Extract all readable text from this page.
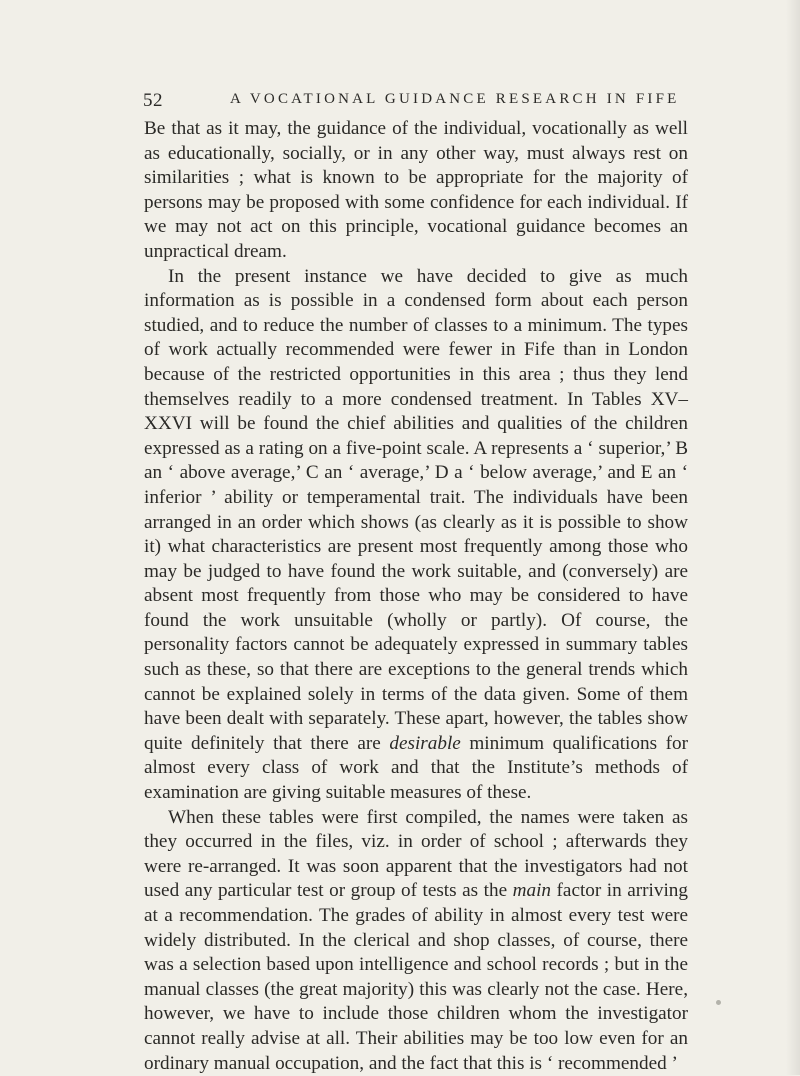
52	A VOCATIONAL GUIDANCE RESEARCH IN FIFE

Be that as it may, the guidance of the individual, vocationally as well as educationally, socially, or in any other way, must always rest on similarities ; what is known to be appropriate for the majority of persons may be proposed with some confidence for each individual. If we may not act on this principle, vocational guidance becomes an unpractical dream.

In the present instance we have decided to give as much information as is possible in a condensed form about each person studied, and to reduce the number of classes to a minimum. The types of work actually recommended were fewer in Fife than in London because of the restricted opportunities in this area ; thus they lend themselves readily to a more condensed treatment. In Tables XV–XXVI will be found the chief abilities and qualities of the children expressed as a rating on a five-point scale. A represents a ‘ superior,’ B an ‘ above average,’ C an ‘ average,’ D a ‘ below average,’ and E an ‘ inferior ’ ability or temperamental trait. The individuals have been arranged in an order which shows (as clearly as it is possible to show it) what characteristics are present most frequently among those who may be judged to have found the work suitable, and (conversely) are absent most frequently from those who may be considered to have found the work unsuitable (wholly or partly). Of course, the personality factors cannot be adequately expressed in summary tables such as these, so that there are exceptions to the general trends which cannot be explained solely in terms of the data given. Some of them have been dealt with separately. These apart, however, the tables show quite definitely that there are desirable minimum qualifications for almost every class of work and that the Institute’s methods of examination are giving suitable measures of these.

When these tables were first compiled, the names were taken as they occurred in the files, viz. in order of school ; afterwards they were re-arranged. It was soon apparent that the investigators had not used any particular test or group of tests as the main factor in arriving at a recommendation. The grades of ability in almost every test were widely distributed. In the clerical and shop classes, of course, there was a selection based upon intelligence and school records ; but in the manual classes (the great majority) this was clearly not the case. Here, however, we have to include those children whom the investigator cannot really advise at all. Their abilities may be too low even for an ordinary manual occupation, and the fact that this is ‘ recommended ’
